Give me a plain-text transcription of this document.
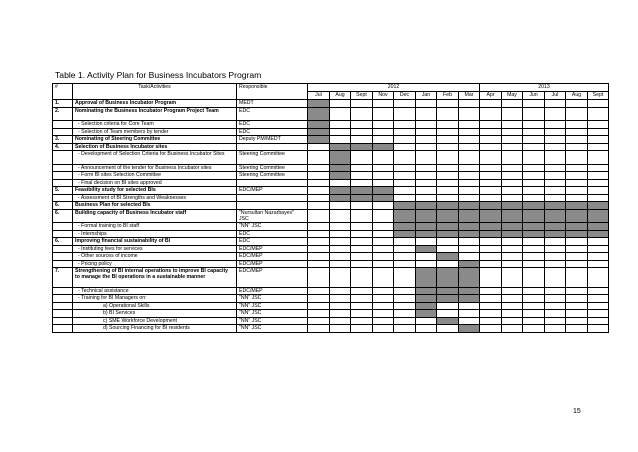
Table 1. Activity Plan for Business Incubators Program
#	Task/Activities	Responsible	2012								2013					
			Jul	Aug	Sept	Nov	Dec	Jan	Feb	Mar	Apr	May	Jun	Jul	Aug	Sept
1.	Approval of Business Incubator Program	MEDT														
2.	Nominating the Business Incubator Program Project Team	EDC														
	- Selection criteria for Core Team	EDC														
	- Selection of Team members by tender	EDC														
3.	Nominating of Steering Committee	Deputy PM/MEDT														
4.	Selection of Business Incubator sites															
	- Development of Selection Criteria for Business Incubator Sites	Steering Committee														
	- Announcement of the tender for Business Incubator sites	Steering Committee														
	- Form BI sites Selection Committee	Steering Committee														
	- Final decision on BI sites approved															
5.	Feasibility study for selected BIs	EDC/MEP														
	- Assessment of BI Strengths and Weaknesses															
6.	Business Plan for selected BIs															
6.	Building capacity of Business Incubator staff	"Nursultan Nazarbayev" JSC														
	- Formal training to BI staff	"NN" JSC														
	- Internships	EDC														
6.	Improving financial sustainability of BI	EDC														
	- Instituting fees for services	EDC/MEP														
	- Other sources of income	EDC/MEP														
	- Pricing policy	EDC/MEP														
7.	Strengthening of BI internal operations to improve BI capacity to manage the BI operations in a sustainable manner	EDC/MEP														
	- Technical assistance	EDC/MEP														
	- Training for BI Managers on:	"NN" JSC														
	a) Operational Skills	"NN" JSC														
	b) BI Services	"NN" JSC														
	c) SME Workforce Development	"NN" JSC														
	d) Sourcing Financing for BI residents	"NN" JSC														
15
